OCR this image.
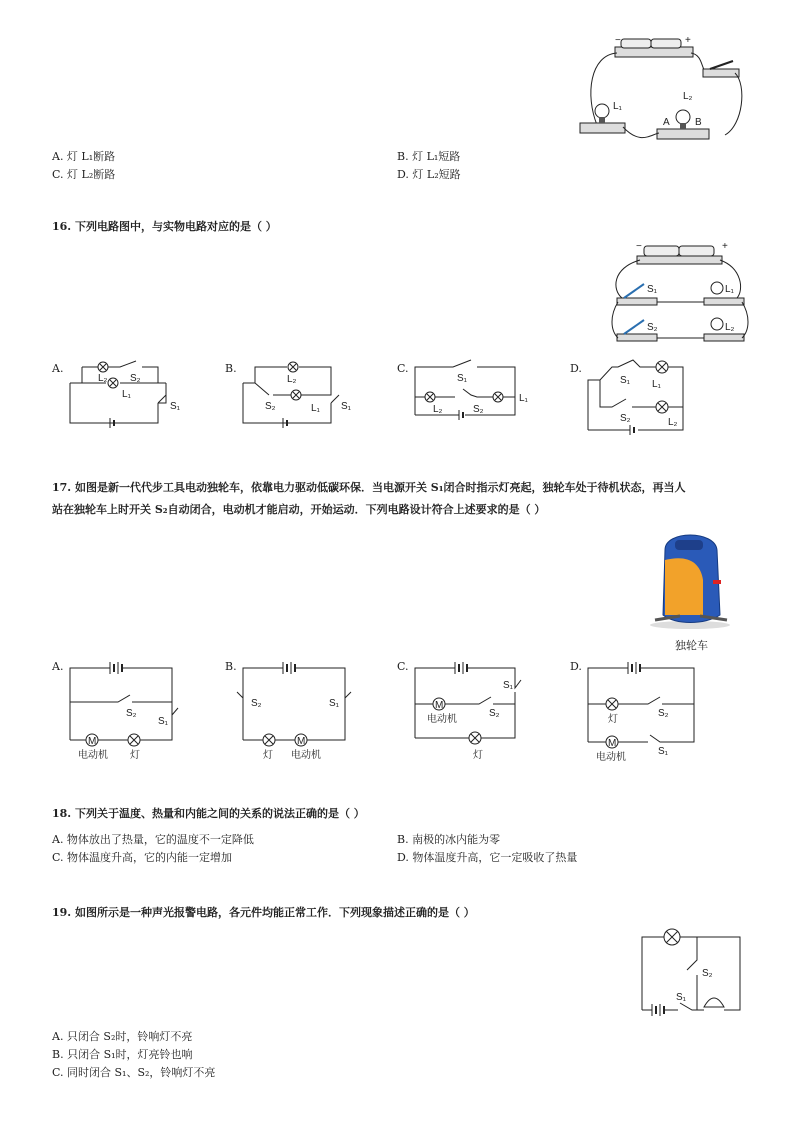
−	+
L₁
L₂
A	B
A. 灯 L₁断路	B. 灯 L₁短路
C. 灯 L₂断路	D. 灯 L₂短路
16. 下列电路图中，与实物电路对应的是（ ）
−	+
S₁	L₁
S₂	L₂
A.
L₂ S₂
L₁
S₁
B.
L₂
S₂	L₁ S₁
C.
S₁
L₂	S₂
L₁
D.
S₁ L₁
S₂	L₂
17. 如图是新一代代步工具电动独轮车，依靠电力驱动低碳环保．当电源开关 S₁闭合时指示灯亮起，独轮车处于待机状态，再当人
站在独轮车上时开关 S₂自动闭合，电动机才能启动，开始运动．下列电路设计符合上述要求的是（ ）
独轮车
A.
M
S₂
S₁
电动机 灯
B.
M
S₂	S₁
灯 电动机
C.
M
S₁
S₂
电动机
灯
D.
M
灯
S₂
S₁
电动机
18. 下列关于温度、热量和内能之间的关系的说法正确的是（ ）
A. 物体放出了热量，它的温度不一定降低	B. 南极的冰内能为零
C. 物体温度升高，它的内能一定增加	D. 物体温度升高，它一定吸收了热量
19. 如图所示是一种声光报警电路，各元件均能正常工作．下列现象描述正确的是（ ）
S₂
S₁
A. 只闭合 S₂时，铃响灯不亮
B. 只闭合 S₁时，灯亮铃也响
C. 同时闭合 S₁、S₂，铃响灯不亮
